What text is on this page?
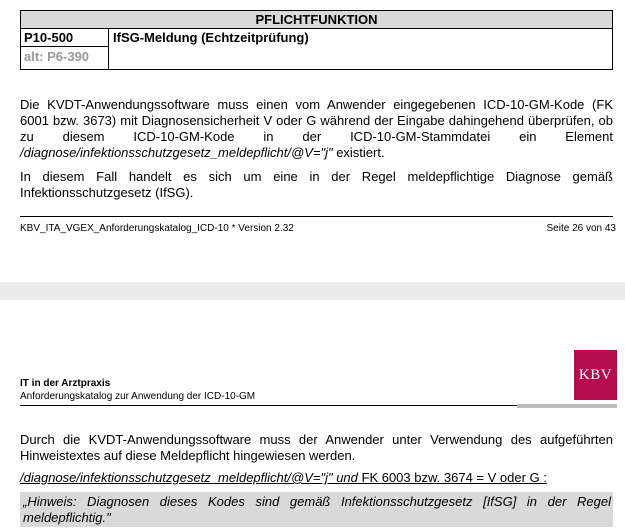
PFLICHTFUNKTION
P10-500
alt: P6-390
IfSG-Meldung (Echtzeitprüfung)
Die KVDT-Anwendungssoftware muss einen vom Anwender eingegebenen ICD-10-GM-Kode (FK 6001 bzw. 3673) mit Diagnosensicherheit V oder G während der Eingabe dahingehend überprüfen, ob zu diesem ICD-10-GM-Kode in der ICD-10-GM-Stammdatei ein Element /diagnose/infektionsschutzgesetz_meldepflicht/@V="j" existiert.
In diesem Fall handelt es sich um eine in der Regel meldepflichtige Diagnose gemäß Infektionsschutzgesetz (IfSG).
KBV_ITA_VGEX_Anforderungskatalog_ICD-10 * Version 2.32	Seite 26 von 43
KBV
IT in der Arztpraxis
Anforderungskatalog zur Anwendung der ICD-10-GM
Durch die KVDT-Anwendungssoftware muss der Anwender unter Verwendung des aufgeführten Hinweistextes auf diese Meldepflicht hingewiesen werden.
/diagnose/infektionsschutzgesetz_meldepflicht/@V="j" und FK 6003 bzw. 3674 = V oder G :
„Hinweis: Diagnosen dieses Kodes sind gemäß Infektionsschutzgesetz [IfSG] in der Regel meldepflichtig."
